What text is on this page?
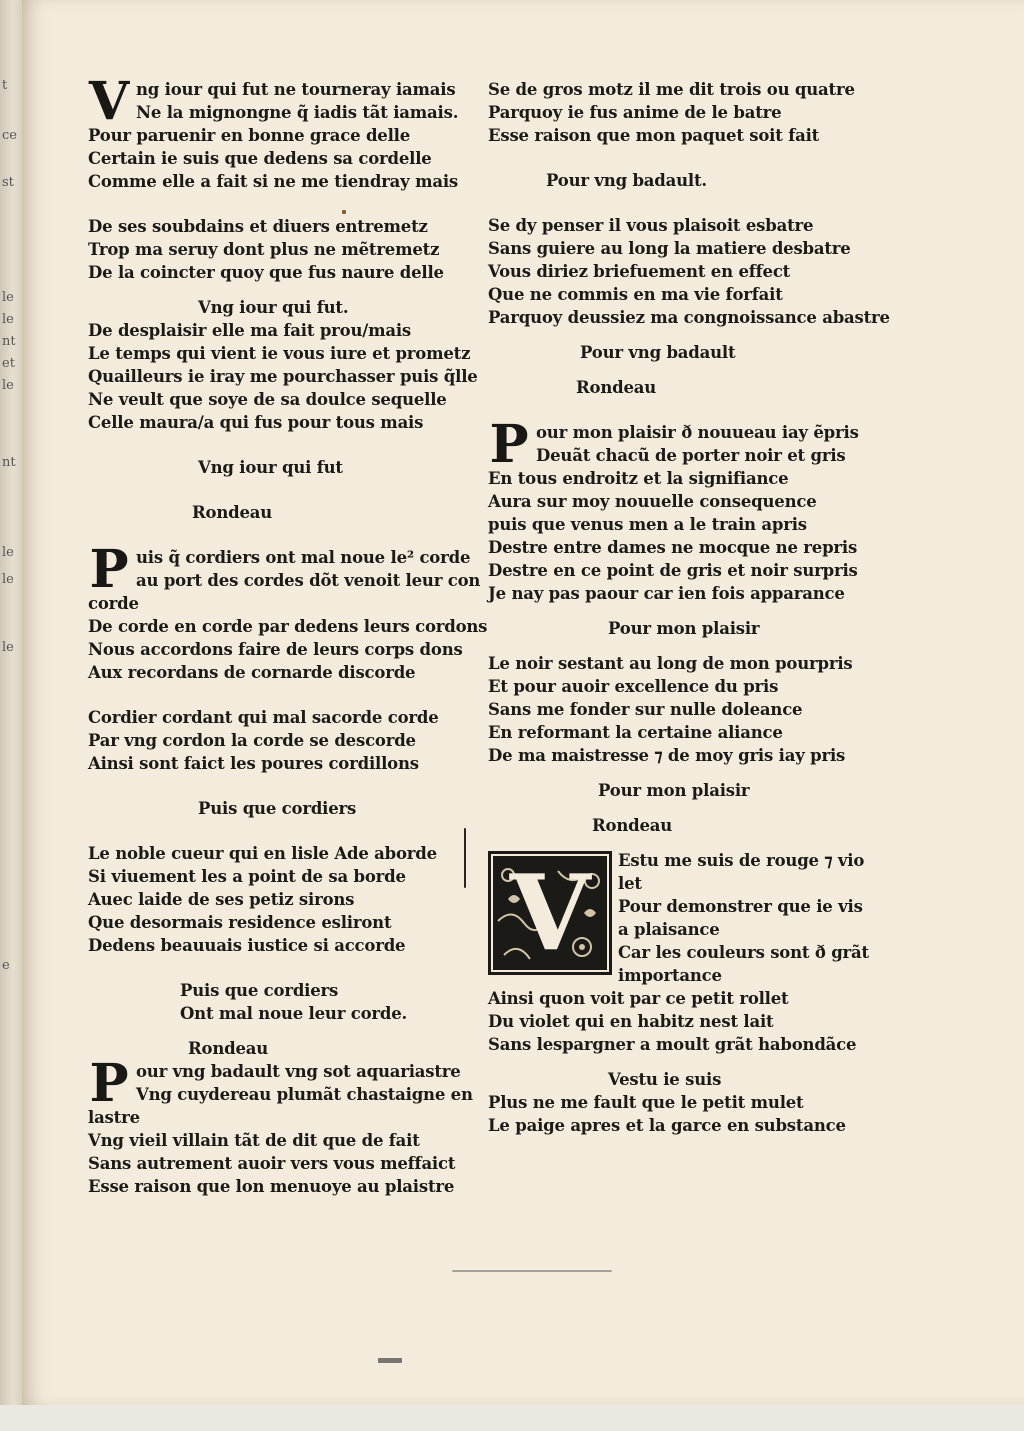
t
ce
st
le
le
nt
et
le
nt
le
le
le
e
V ng iour qui fut ne tourneray iamais
Ne la mignongne q̃ iadis tãt iamais.
Pour paruenir en bonne grace delle
Certain ie suis que dedens sa cordelle
Comme elle a fait si ne me tiendray mais
De ses soubdains et diuers entremetz
Trop ma seruy dont plus ne mẽtremetz
De la coincter quoy que fus naure delle
Vng iour qui fut.
De desplaisir elle ma fait prou/mais
Le temps qui vient ie vous iure et prometz
Quailleurs ie iray me pourchasser puis q̃lle
Ne veult que soye de sa doulce sequelle
Celle maura/a qui fus pour tous mais
Vng iour qui fut
Rondeau
P uis q̃ cordiers ont mal noue le² corde
au port des cordes dõt venoit leur con
corde
De corde en corde par dedens leurs cordons
Nous accordons faire de leurs corps dons
Aux recordans de cornarde discorde
Cordier cordant qui mal sacorde corde
Par vng cordon la corde se descorde
Ainsi sont faict les poures cordillons
Puis que cordiers
Le noble cueur qui en lisle Ade aborde
Si viuement les a point de sa borde
Auec laide de ses petiz sirons
Que desormais residence esliront
Dedens beauuais iustice si accorde
Puis que cordiers
Ont mal noue leur corde.
Rondeau
P our vng badault vng sot aquariastre
Vng cuydereau plumãt chastaigne en
lastre
Vng vieil villain tãt de dit que de fait
Sans autrement auoir vers vous meffaict
Esse raison que lon menuoye au plaistre
Se de gros motz il me dit trois ou quatre
Parquoy ie fus anime de le batre
Esse raison que mon paquet soit fait
Pour vng badault.
Se dy penser il vous plaisoit esbatre
Sans guiere au long la matiere desbatre
Vous diriez briefuement en effect
Que ne commis en ma vie forfait
Parquoy deussiez ma congnoissance abastre
Pour vng badault
Rondeau
P our mon plaisir ð nouueau iay ẽpris
Deuãt chacũ de porter noir et gris
En tous endroitz et la signifiance
Aura sur moy nouuelle consequence
puis que venus men a le train apris
Destre entre dames ne mocque ne repris
Destre en ce point de gris et noir surpris
Je nay pas paour car ien fois apparance
Pour mon plaisir
Le noir sestant au long de mon pourpris
Et pour auoir excellence du pris
Sans me fonder sur nulle doleance
En reformant la certaine aliance
De ma maistresse ⁊ de moy gris iay pris
Pour mon plaisir
Rondeau
V	Estu me suis de rouge ⁊ vio
let
Pour demonstrer que ie vis
a plaisance
Car les couleurs sont ð grãt
importance
Ainsi quon voit par ce petit rollet
Du violet qui en habitz nest lait
Sans lespargner a moult grãt habondãce
Vestu ie suis
Plus ne me fault que le petit mulet
Le paige apres et la garce en substance
